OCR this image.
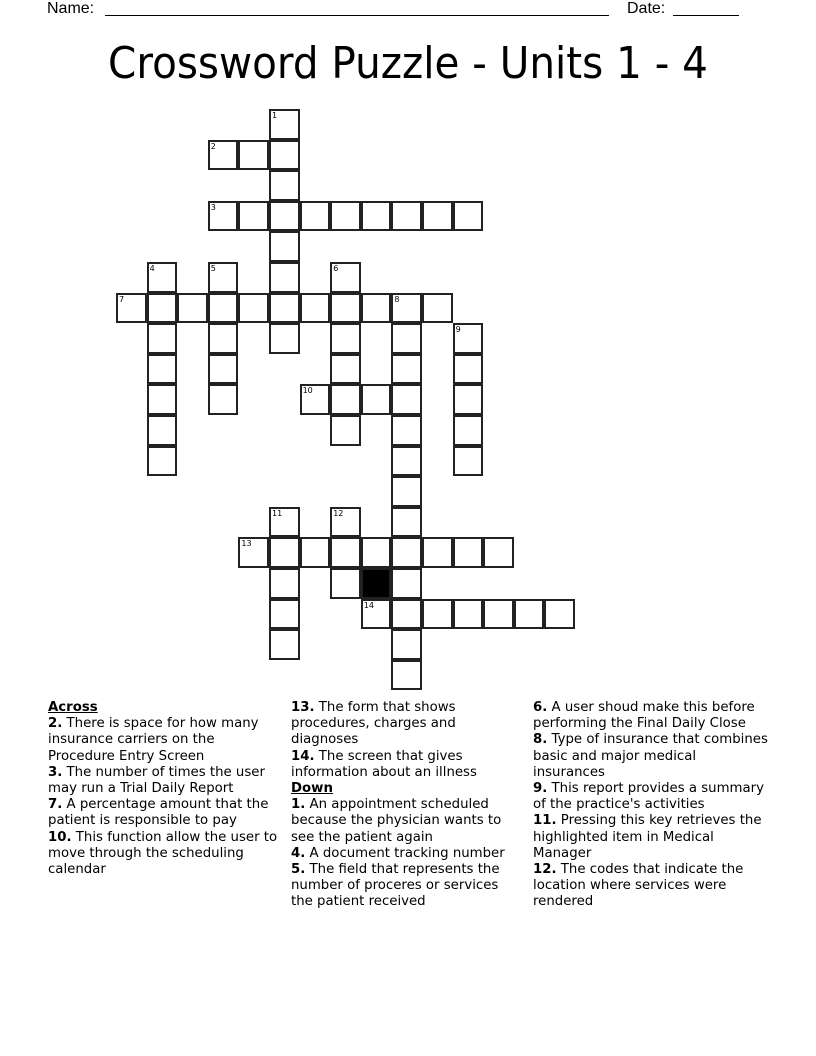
Name:	Date:
Crossword Puzzle - Units 1 - 4
1
2
3
4	5	6
7	8
9
10
11	12
13
14
Across

2. There is space for how many insurance carriers on the Procedure Entry Screen

3. The number of times the user may run a Trial Daily Report

7. A percentage amount that the patient is responsible to pay

10. This function allow the user to move through the scheduling calendar

13. The form that shows procedures, charges and diagnoses

14. The screen that gives information about an illness

Down

1. An appointment scheduled because the physician wants to see the patient again

4. A document tracking number

5. The field that represents the number of proceres or services the patient received

6. A user shoud make this before performing the Final Daily Close

8. Type of insurance that combines basic and major medical insurances

9. This report provides a summary of the practice's activities

11. Pressing this key retrieves the highlighted item in Medical Manager

12. The codes that indicate the location where services were rendered
